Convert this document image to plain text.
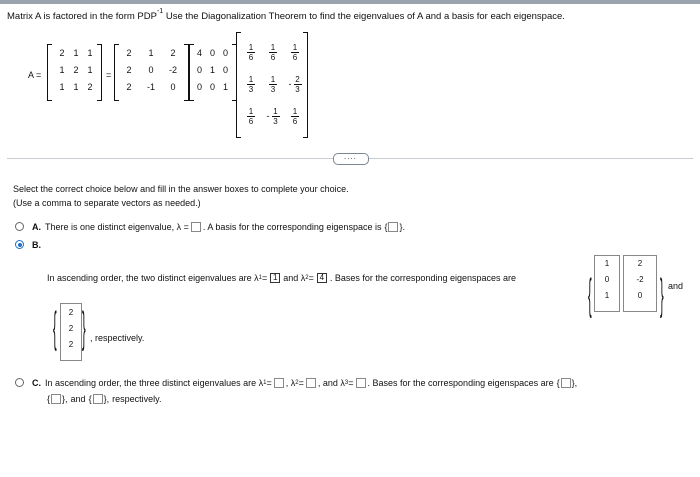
Matrix A is factored in the form $PDP^{-1}$ Use the Diagonalization Theorem to find the eigenvalues of A and a basis for each eigenspace.
A =
2 1 1
1 2 1
1 1 2
=
2	1	2
2	0	-2
2	-1	0
4 0 0
0 1 0
0 0 1
$\frac{1}{6} \frac{1}{6} \frac{1}{6}$
$\frac{1}{3} \frac{1}{3} - \frac{2}{3}$
$\frac{1}{6} - \frac{1}{3} \frac{1}{6}$
....
Select the correct choice below and fill in the answer boxes to complete your choice.
(Use a comma to separate vectors as needed.)
A. There is one distinct eigenvalue, λ = . A basis for the corresponding eigenspace is { }.
B.
In ascending order, the two distinct eigenvalues are λ 1 = 1 and λ 2 = 4 . Bases for the corresponding eigenspaces are	{
1
0
1
2
-2
0	} and
{	2
2
2 } , respectively.
C. In ascending order, the three distinct eigenvalues are λ 1 = , λ 2 = , and λ 3 = . Bases for the corresponding eigenspaces are { },
{ }, and { }, respectively.
